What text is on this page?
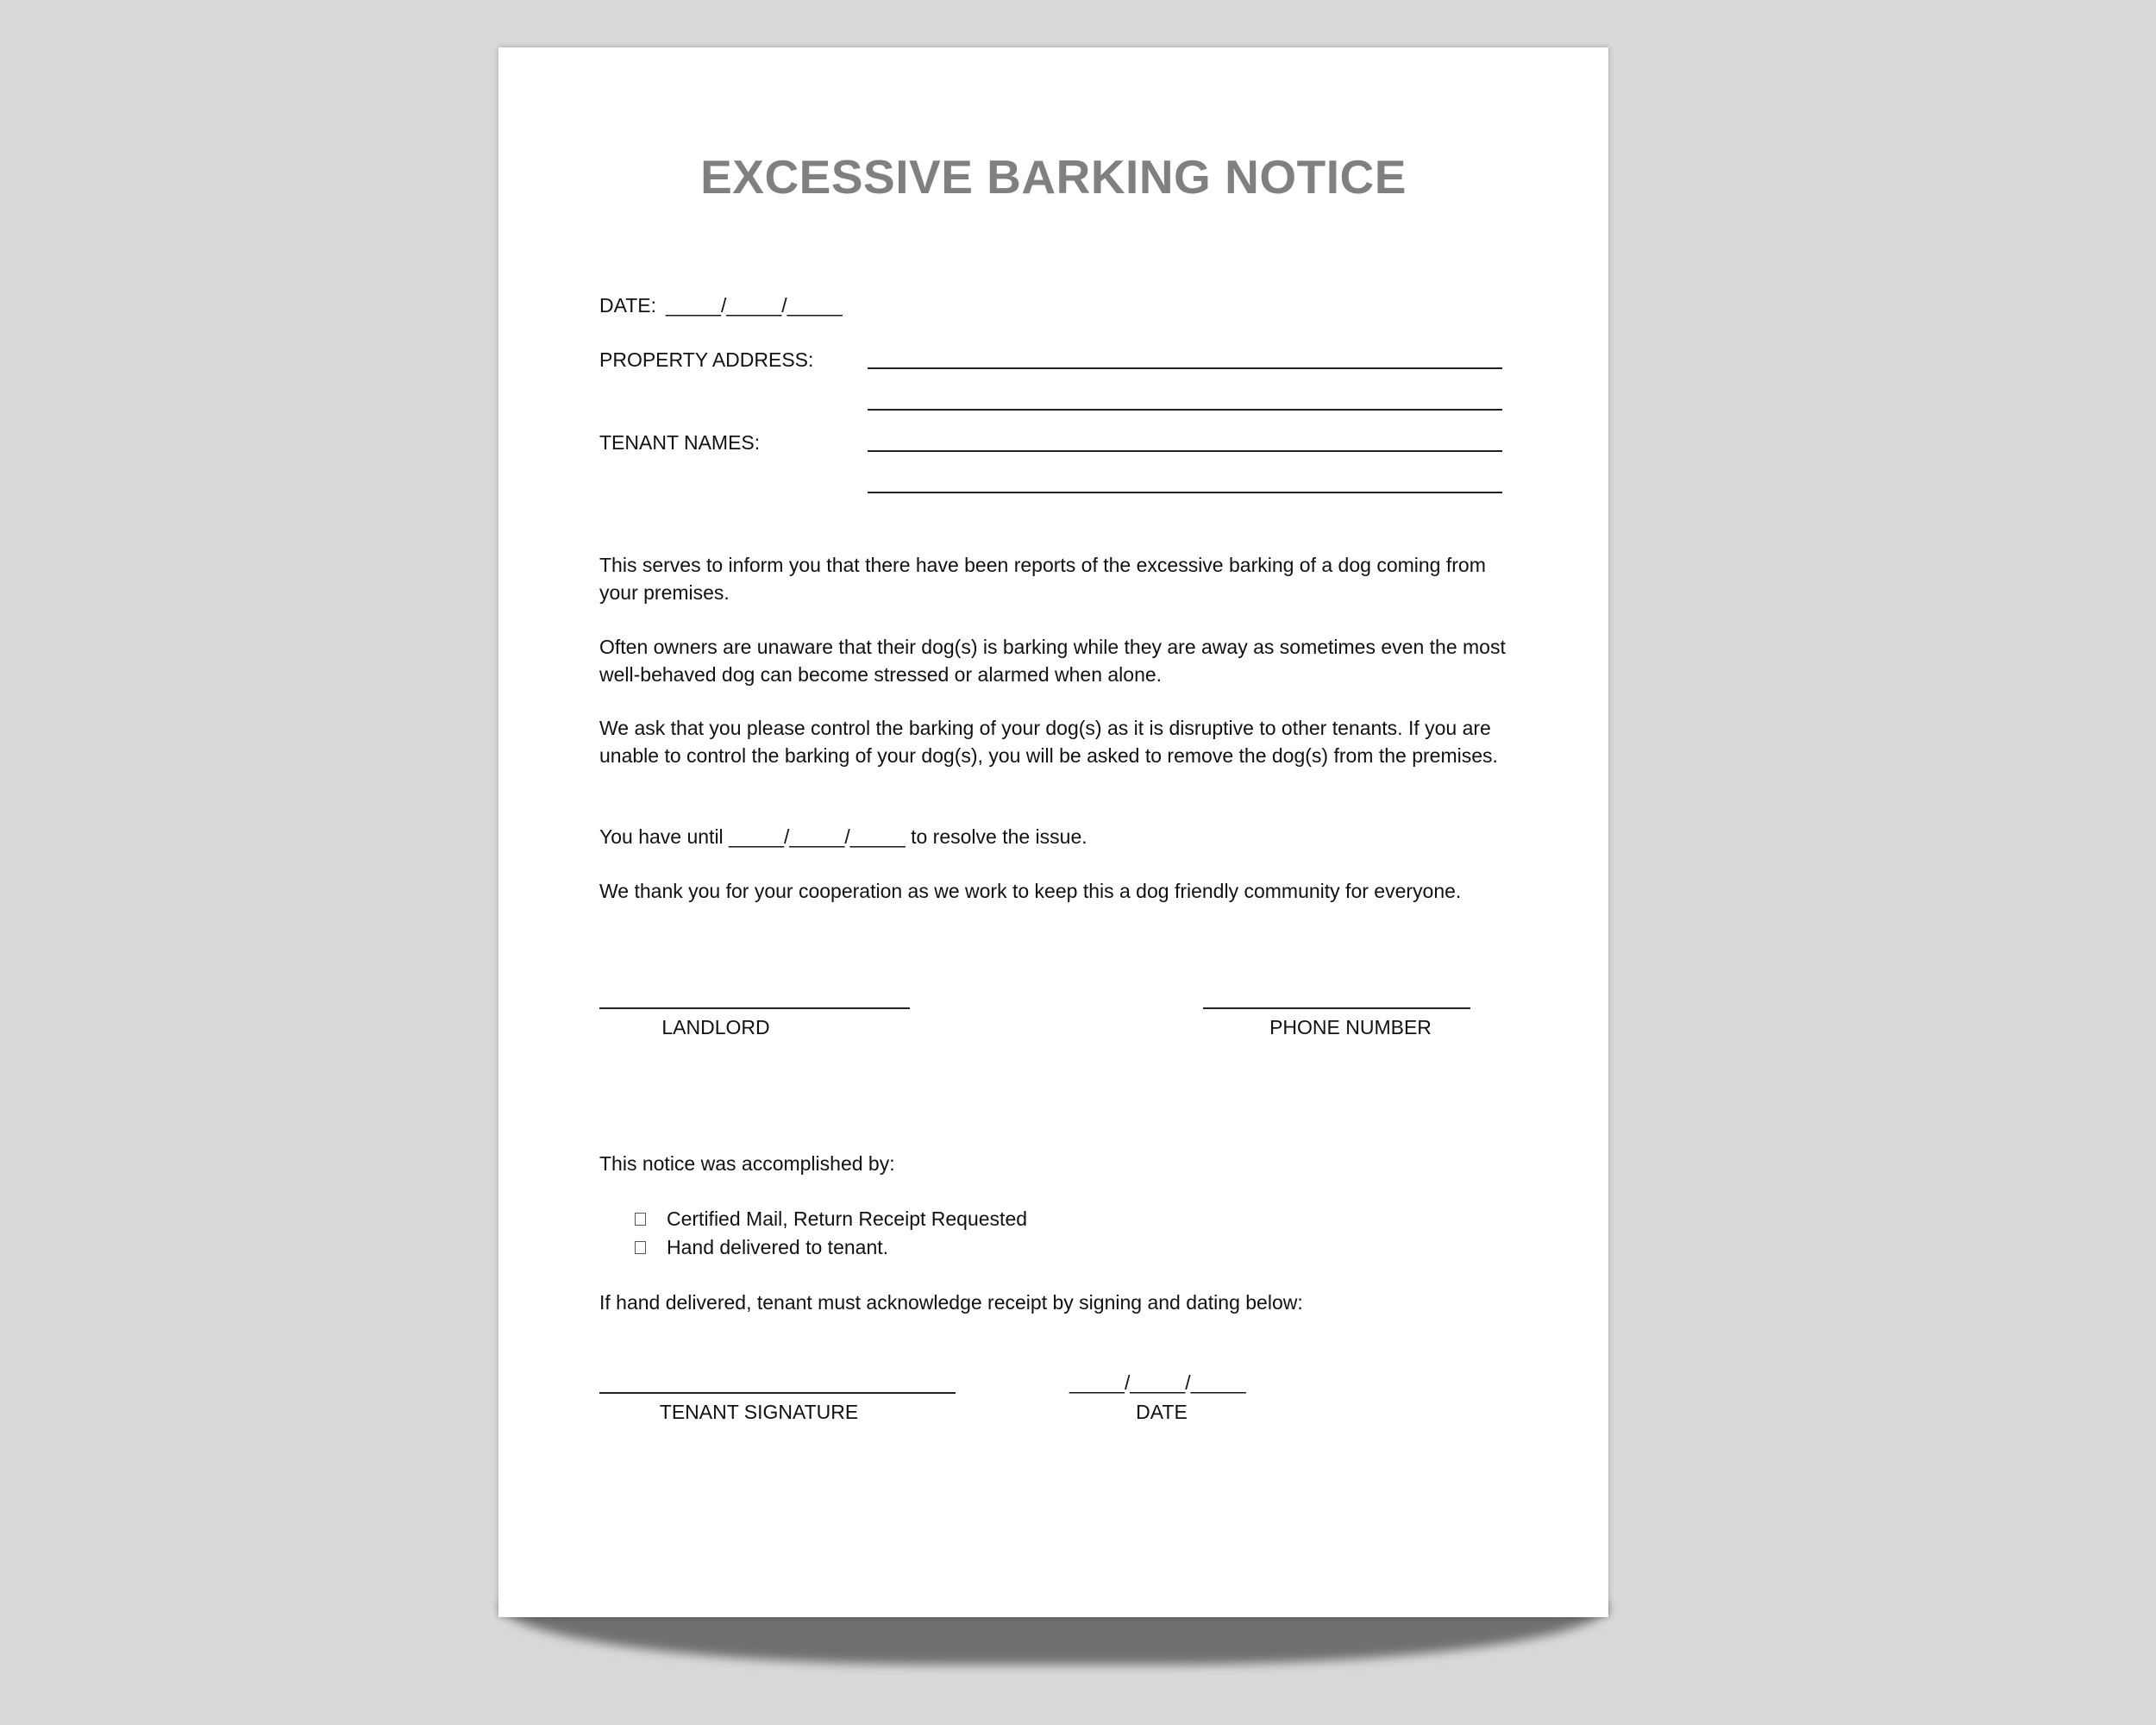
EXCESSIVE BARKING NOTICE
DATE: _____/_____/_____
PROPERTY ADDRESS:
TENANT NAMES:
This serves to inform you that there have been reports of the excessive barking of a dog coming from your premises.
Often owners are unaware that their dog(s) is barking while they are away as sometimes even the most well-behaved dog can become stressed or alarmed when alone.
We ask that you please control the barking of your dog(s) as it is disruptive to other tenants. If you are unable to control the barking of your dog(s), you will be asked to remove the dog(s) from the premises.
You have until _____/_____/_____ to resolve the issue.
We thank you for your cooperation as we work to keep this a dog friendly community for everyone.
LANDLORD	PHONE NUMBER
This notice was accomplished by:
Certified Mail, Return Receipt Requested
Hand delivered to tenant.
If hand delivered, tenant must acknowledge receipt by signing and dating below:
TENANT SIGNATURE
_____/_____/_____
DATE
